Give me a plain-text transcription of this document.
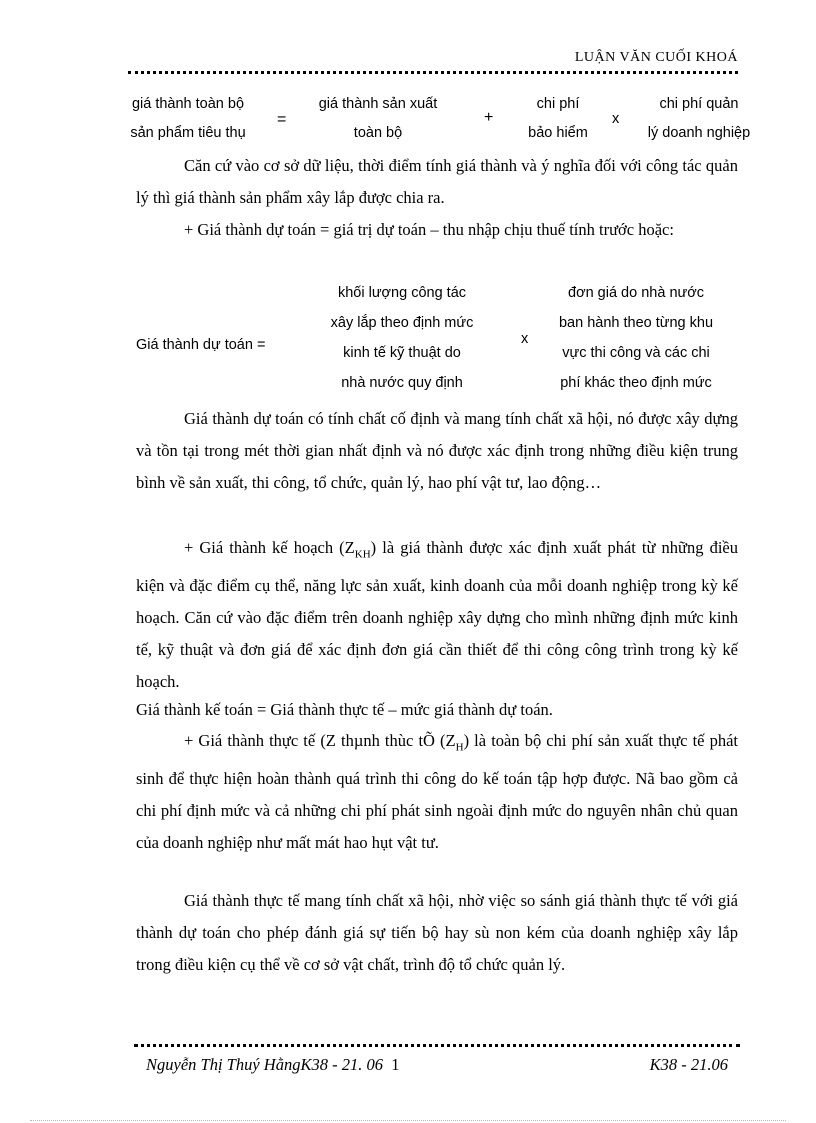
LUẬN VĂN CUỐI KHOÁ
giá thành toàn bộ
sản phẩm tiêu thụ
=
giá thành sản xuất
toàn bộ
+
chi phí
bảo hiểm
x
chi phí quản
lý doanh nghiệp

Căn cứ vào cơ sở dữ liệu, thời điểm tính giá thành và ý nghĩa đối với công tác quản lý thì giá thành sản phẩm xây lắp được chia ra.

+ Giá thành dự toán = giá trị dự toán – thu nhập chịu thuế tính trước hoặc:

Giá thành dự toán =
khối lượng công tác
xây lắp theo định mức
kinh tế kỹ thuật do
nhà nước quy định
x
đơn giá do nhà nước
ban hành theo từng khu
vực thi công và các chi
phí khác theo định mức

Giá thành dự toán có tính chất cố định và mang tính chất xã hội, nó được xây dựng và tồn tại trong mét thời gian nhất định và nó được xác định trong những điều kiện trung bình về sản xuất, thi công, tổ chức, quản lý, hao phí vật tư, lao động…

+ Giá thành kế hoạch $(Z_{KH})$ là giá thành được xác định xuất phát từ những điều kiện và đặc điểm cụ thể, năng lực sản xuất, kinh doanh của mỗi doanh nghiệp trong kỳ kế hoạch. Căn cứ vào đặc điểm trên doanh nghiệp xây dựng cho mình những định mức kinh tế, kỹ thuật và đơn giá để xác định đơn giá cần thiết để thi công công trình trong kỳ kế hoạch.

Giá thành kế toán = Giá thành thực tế – mức giá thành dự toán.

+ Giá thành thực tế (Z thµnh thùc tÕ $(Z_H)$ là toàn bộ chi phí sản xuất thực tế phát sinh để thực hiện hoàn thành quá trình thi công do kế toán tập hợp được. Nã bao gồm cả chi phí định mức và cả những chi phí phát sinh ngoài định mức do nguyên nhân chủ quan của doanh nghiệp như mất mát hao hụt vật tư.

Giá thành thực tế mang tính chất xã hội, nhờ việc so sánh giá thành thực tế với giá thành dự toán cho phép đánh giá sự tiến bộ hay sù non kém của doanh nghiệp xây lắp trong điều kiện cụ thể về cơ sở vật chất, trình độ tổ chức quản lý.

Nguyễn Thị Thuý HằngK38 - 21. 06 1	K38 - 21.06
